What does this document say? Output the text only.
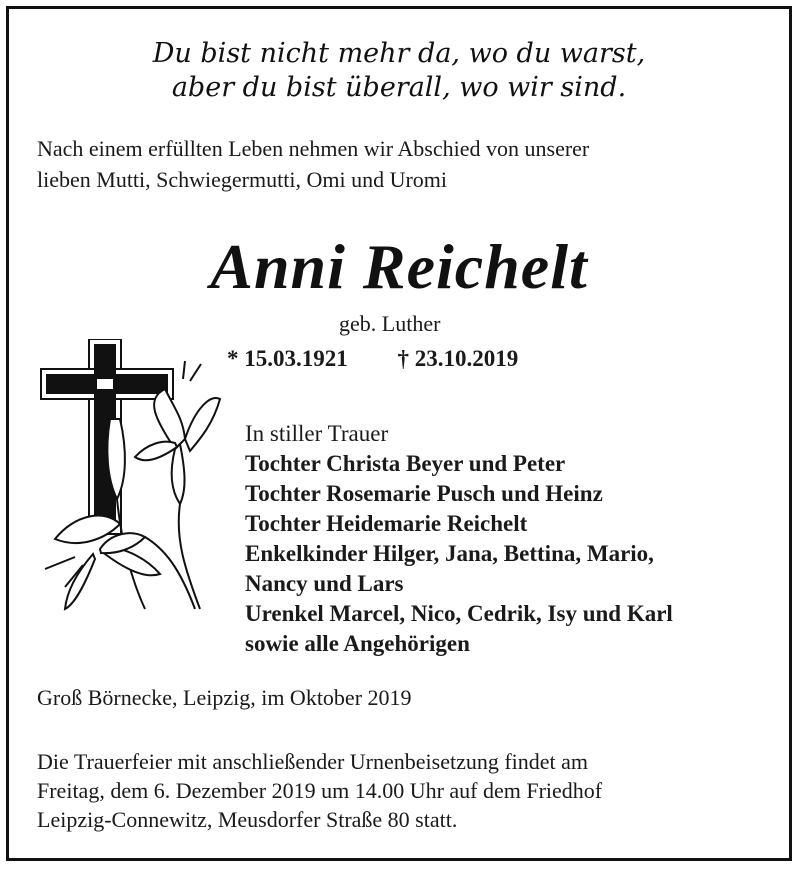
Du bist nicht mehr da, wo du warst,
aber du bist überall, wo wir sind.
Nach einem erfüllten Leben nehmen wir Abschied von unserer
lieben Mutti, Schwiegermutti, Omi und Uromi
Anni Reichelt
geb. Luther
* 15.03.1921 † 23.10.2019
In stiller Trauer
Tochter Christa Beyer und Peter
Tochter Rosemarie Pusch und Heinz
Tochter Heidemarie Reichelt
Enkelkinder Hilger, Jana, Bettina, Mario,
Nancy und Lars
Urenkel Marcel, Nico, Cedrik, Isy und Karl
sowie alle Angehörigen
Groß Börnecke, Leipzig, im Oktober 2019
Die Trauerfeier mit anschließender Urnenbeisetzung findet am
Freitag, dem 6. Dezember 2019 um 14.00 Uhr auf dem Friedhof
Leipzig-Connewitz, Meusdorfer Straße 80 statt.
